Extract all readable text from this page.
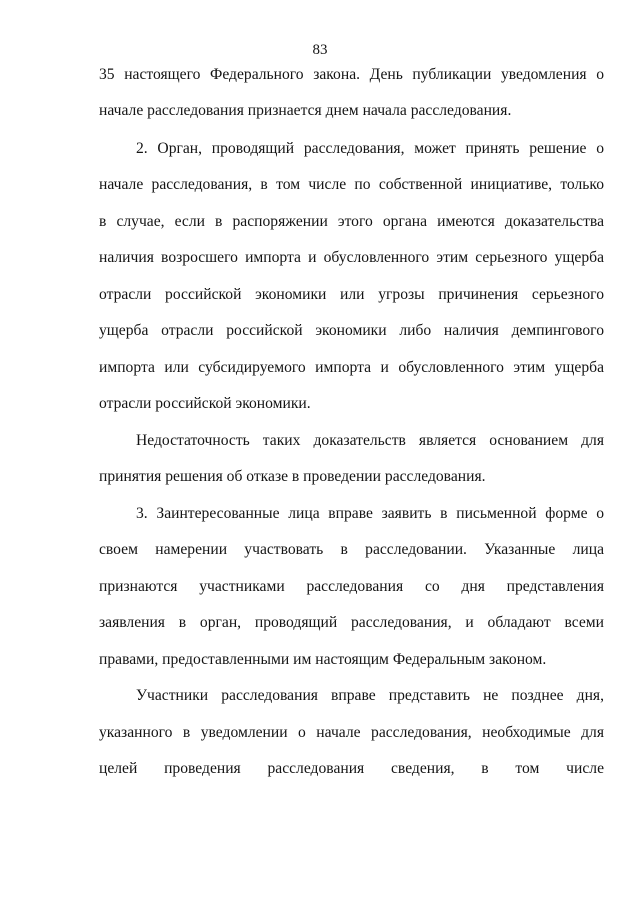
83
35 настоящего Федерального закона. День публикации уведомления о
начале расследования признается днем начала расследования.
2. Орган, проводящий расследования, может принять решение о
начале расследования, в том числе по собственной инициативе, только
в случае, если в распоряжении этого органа имеются доказательства
наличия возросшего импорта и обусловленного этим серьезного ущерба
отрасли российской экономики или угрозы причинения серьезного
ущерба отрасли российской экономики либо наличия демпингового
импорта или субсидируемого импорта и обусловленного этим ущерба
отрасли российской экономики.
Недостаточность таких доказательств является основанием для
принятия решения об отказе в проведении расследования.
3. Заинтересованные лица вправе заявить в письменной форме о
своем намерении участвовать в расследовании. Указанные лица
признаются участниками расследования со дня представления
заявления в орган, проводящий расследования, и обладают всеми
правами, предоставленными им настоящим Федеральным законом.
Участники расследования вправе представить не позднее дня,
указанного в уведомлении о начале расследования, необходимые для
целей проведения расследования сведения, в том числе
